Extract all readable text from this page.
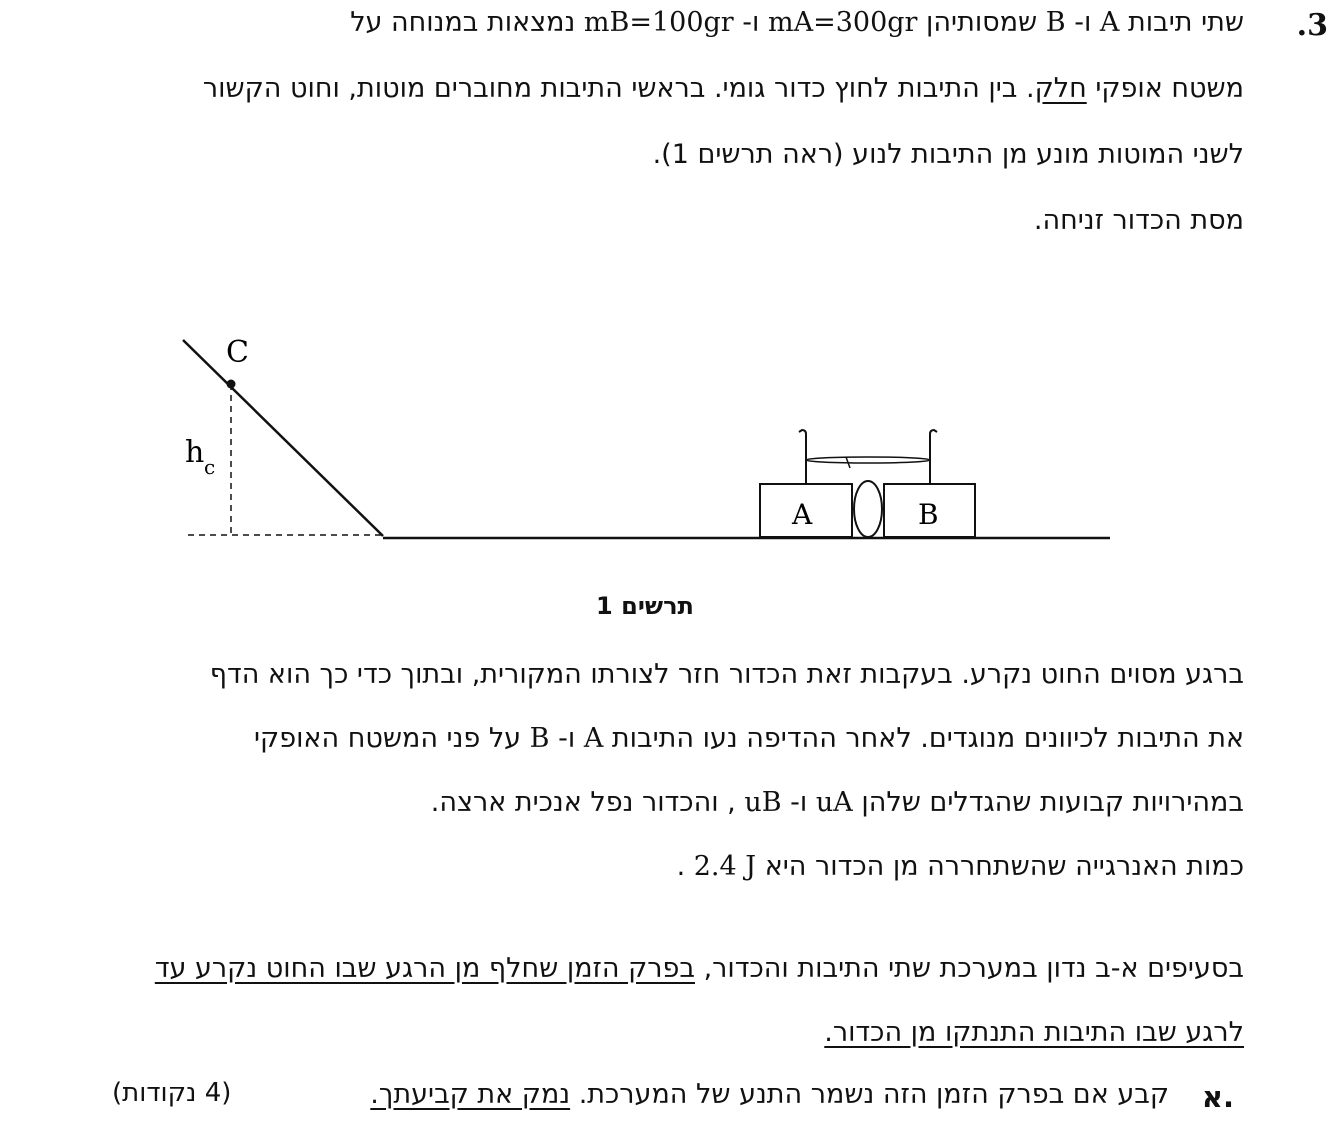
.3
שתי תיבות A ו- B שמסותיהן mA=300gr ו- mB=100gr נמצאות במנוחה על
משטח אופקי חלק. בין התיבות לחוץ כדור גומי. בראשי התיבות מחוברים מוטות, וחוט הקשור
לשני המוטות מונע מן התיבות לנוע (ראה תרשים 1).
מסת הכדור זניחה.
C
h c
A	B
תרשים 1
ברגע מסוים החוט נקרע. בעקבות זאת הכדור חזר לצורתו המקורית, ובתוך כדי כך הוא הדף
את התיבות לכיוונים מנוגדים. לאחר ההדיפה נעו התיבות A ו- B על פני המשטח האופקי
במהירויות קבועות שהגדלים שלהן uA ו- uB , והכדור נפל אנכית ארצה.
כמות האנרגייה שהשתחררה מן הכדור היא 2.4 J .
בסעיפים א-ב נדון במערכת שתי התיבות והכדור, בפרק הזמן שחלף מן הרגע שבו החוט נקרע עד
לרגע שבו התיבות התנתקו מן הכדור.
א.
קבע אם בפרק הזמן הזה נשמר התנע של המערכת. נמק את קביעתך.
(4 נקודות)
